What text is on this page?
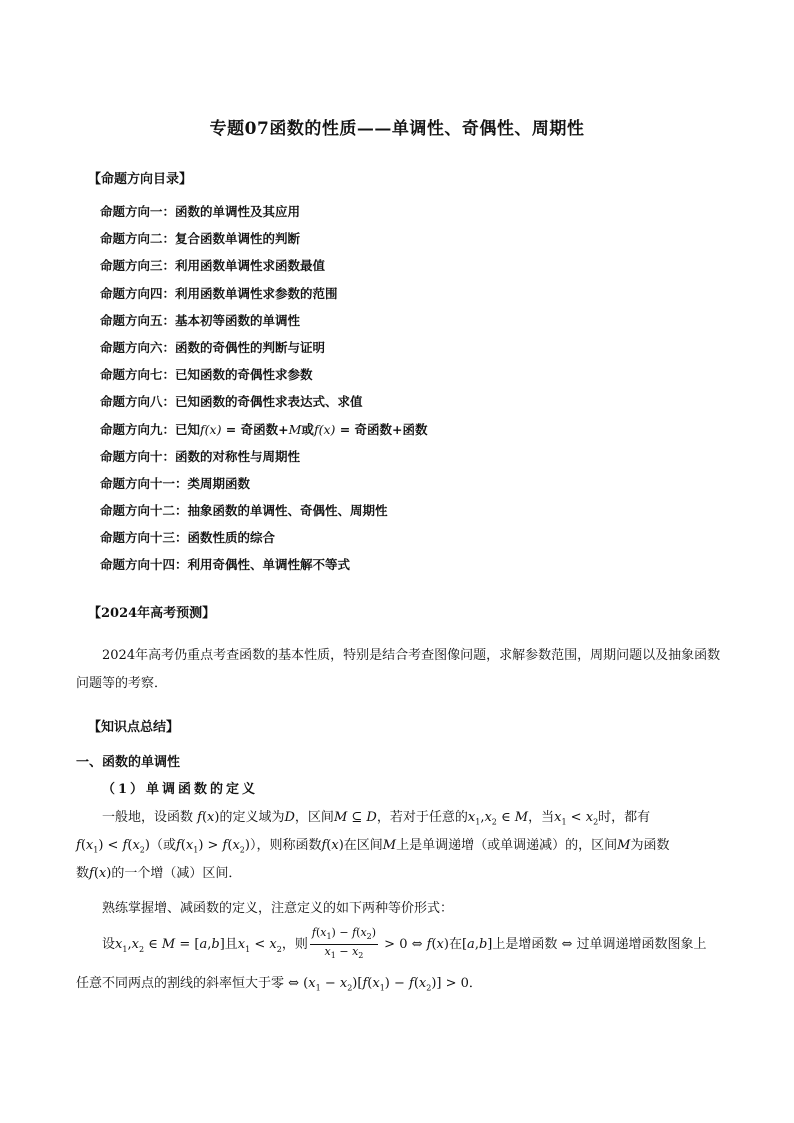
专题07函数的性质——单调性、奇偶性、周期性
【命题方向目录】
命题方向一：函数的单调性及其应用
命题方向二：复合函数单调性的判断
命题方向三：利用函数单调性求函数最值
命题方向四：利用函数单调性求参数的范围
命题方向五：基本初等函数的单调性
命题方向六：函数的奇偶性的判断与证明
命题方向七：已知函数的奇偶性求参数
命题方向八：已知函数的奇偶性求表达式、求值
命题方向九：已知f(x) = 奇函数+M或f(x) = 奇函数+函数
命题方向十：函数的对称性与周期性
命题方向十一：类周期函数
命题方向十二：抽象函数的单调性、奇偶性、周期性
命题方向十三：函数性质的综合
命题方向十四：利用奇偶性、单调性解不等式
【2024年高考预测】
2024年高考仍重点考查函数的基本性质，特别是结合考查图像问题，求解参数范围，周期问题以及抽象函数问题等的考察．
【知识点总结】
一、函数的单调性
（1）单调函数的定义
一般地，设函数 f(x)的定义域为D，区间M ⊆ D，若对于任意的$x_1,x_2$ ∈ M，当$x_1 < x_2$时，都有
$f(x_1) < f(x_2)$（或$f(x_1) > f(x_2)$），则称函数f(x)在区间M上是单调递增（或单调递减）的，区间M为函数
数f(x)的一个增（减）区间．
熟练掌握增、减函数的定义，注意定义的如下两种等价形式：
设$x_1,x_2$ ∈ M = [a,b]且$x_1 < x_2$，则 $\frac{f(x_1) - f(x_2)}{x_1 - x_2} > 0$ ⇔ f(x)在[a,b]上是增函数 ⇔ 过单调递增函数图象上
任意不同两点的割线的斜率恒大于零 ⇔ $(x_1 - x_2)[f(x_1) - f(x_2)] > 0$．
